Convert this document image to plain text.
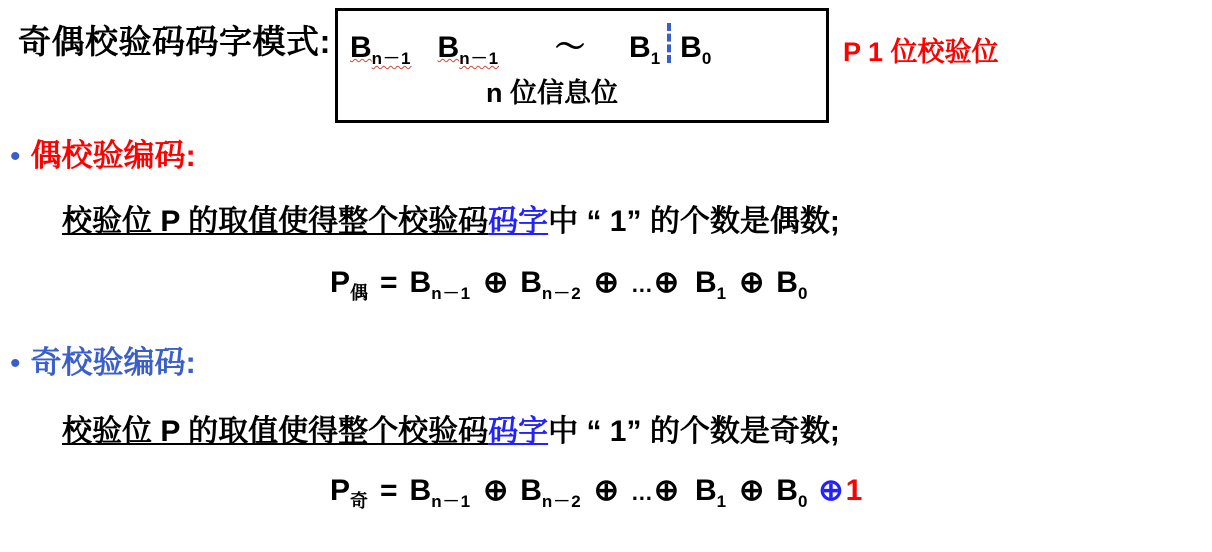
奇偶校验码码字模式: $B_{n-1}$ $B_{n-1}$ ～ $B_1$ $B_0$
n 位信息位
P 1 位校验位
• 偶校验编码:
校验位 P 的取值使得整个校验码码字中 “ 1” 的个数是偶数;
$P_偶 = B_{n-1}$ ⊕ $B_{n-2}$ ⊕ … ⊕ $B_1$ ⊕ $B_0$
• 奇校验编码:
校验位 P 的取值使得整个校验码码字中 “ 1” 的个数是奇数;
$P_奇 = B_{n-1}$ ⊕ $B_{n-2}$ ⊕ … ⊕ $B_1$ ⊕ $B_0$ ⊕ 1
